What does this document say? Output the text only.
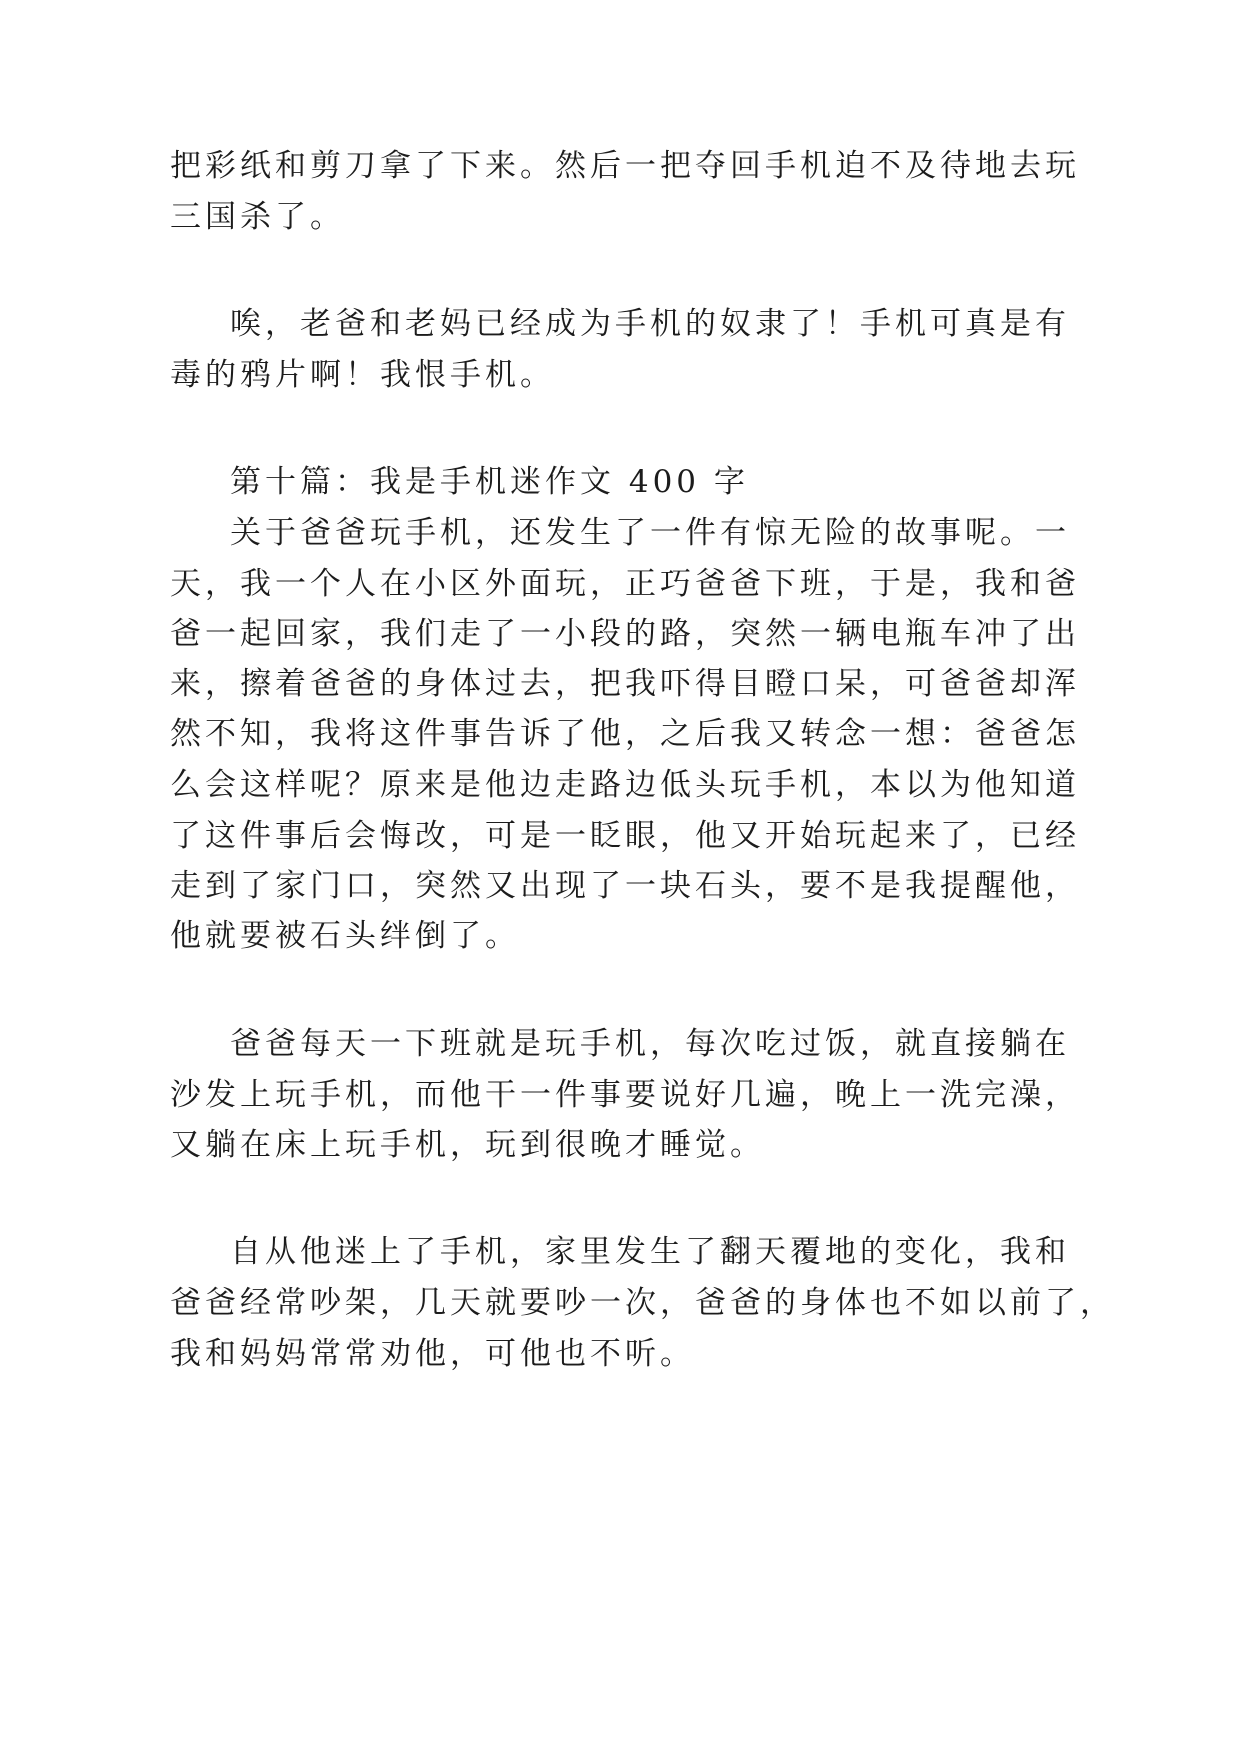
把彩纸和剪刀拿了下来。然后一把夺回手机迫不及待地去玩

三国杀了。

唉，老爸和老妈已经成为手机的奴隶了！手机可真是有

毒的鸦片啊！我恨手机。

第十篇：我是手机迷作文 400 字

关于爸爸玩手机，还发生了一件有惊无险的故事呢。一

天，我一个人在小区外面玩，正巧爸爸下班，于是，我和爸

爸一起回家，我们走了一小段的路，突然一辆电瓶车冲了出

来，擦着爸爸的身体过去，把我吓得目瞪口呆，可爸爸却浑

然不知，我将这件事告诉了他，之后我又转念一想：爸爸怎

么会这样呢？原来是他边走路边低头玩手机，本以为他知道

了这件事后会悔改，可是一眨眼，他又开始玩起来了，已经

走到了家门口，突然又出现了一块石头，要不是我提醒他，

他就要被石头绊倒了。

爸爸每天一下班就是玩手机，每次吃过饭，就直接躺在

沙发上玩手机，而他干一件事要说好几遍，晚上一洗完澡，

又躺在床上玩手机，玩到很晚才睡觉。

自从他迷上了手机，家里发生了翻天覆地的变化，我和

爸爸经常吵架，几天就要吵一次，爸爸的身体也不如以前了，

我和妈妈常常劝他，可他也不听。
